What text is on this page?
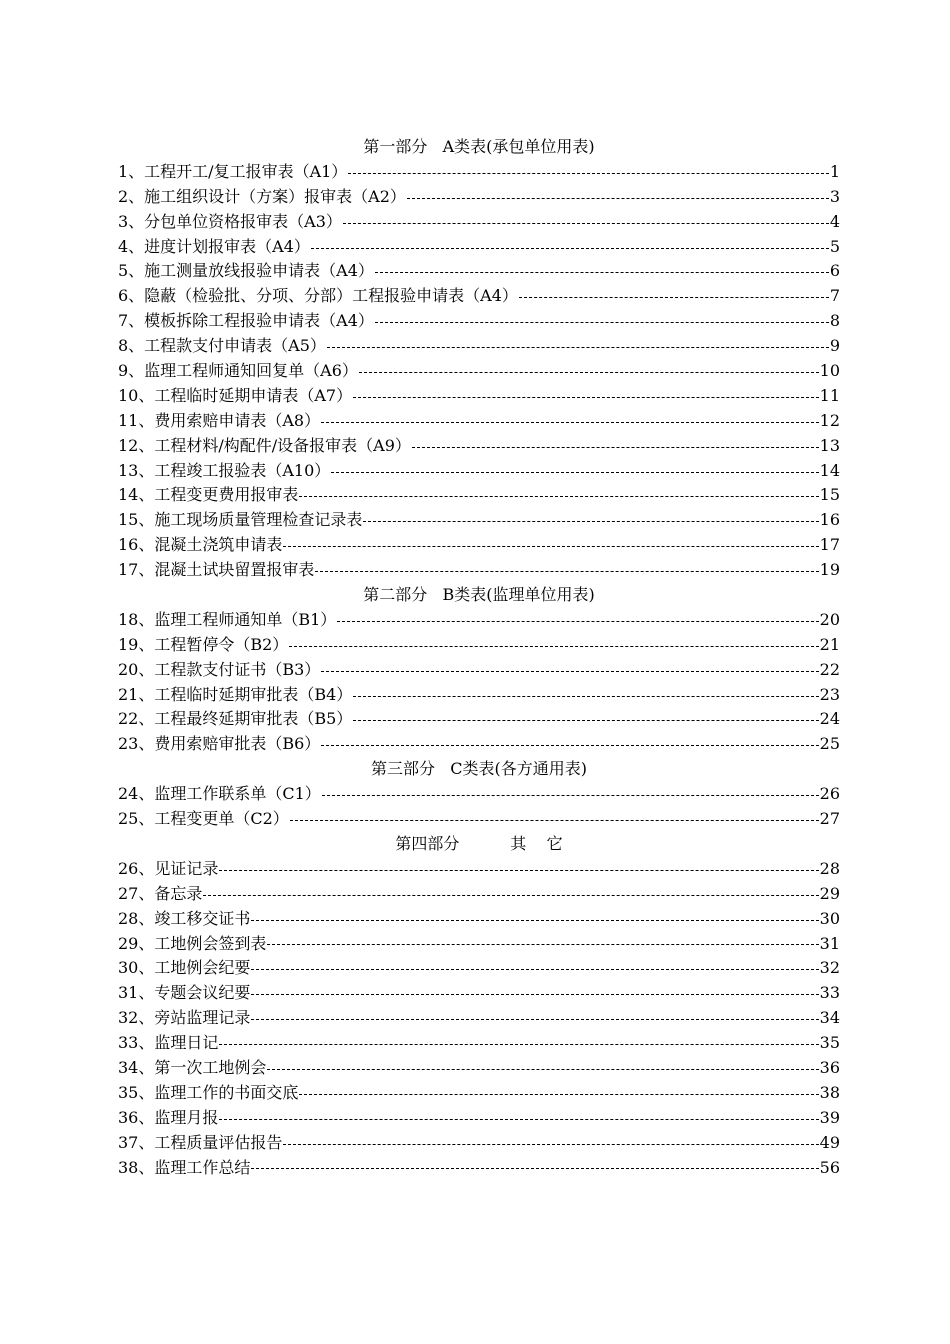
第一部分   A类表(承包单位用表)
1、工程开工/复工报审表（A1）	1
2、施工组织设计（方案）报审表（A2）	3
3、分包单位资格报审表（A3）	4
4、进度计划报审表（A4）	5
5、施工测量放线报验申请表（A4）	6
6、隐蔽（检验批、分项、分部）工程报验申请表（A4）	7
7、模板拆除工程报验申请表（A4）	8
8、工程款支付申请表（A5）	9
9、监理工程师通知回复单（A6）	10
10、工程临时延期申请表（A7）	11
11、费用索赔申请表（A8）	12
12、工程材料/构配件/设备报审表（A9）	13
13、工程竣工报验表（A10）	14
14、工程变更费用报审表	15
15、施工现场质量管理检查记录表	16
16、混凝土浇筑申请表	17
17、混凝土试块留置报审表	19
第二部分   B类表(监理单位用表)
18、监理工程师通知单（B1）	20
19、工程暂停令（B2）	21
20、工程款支付证书（B3）	22
21、工程临时延期审批表（B4）	23
22、工程最终延期审批表（B5）	24
23、费用索赔审批表（B6）	25
第三部分   C类表(各方通用表)
24、监理工作联系单（C1）	26
25、工程变更单（C2）	27
第四部分          其    它
26、见证记录	28
27、备忘录	29
28、竣工移交证书	30
29、工地例会签到表	31
30、工地例会纪要	32
31、专题会议纪要	33
32、旁站监理记录	34
33、监理日记	35
34、第一次工地例会	36
35、监理工作的书面交底	38
36、监理月报	39
37、工程质量评估报告	49
38、监理工作总结	56
